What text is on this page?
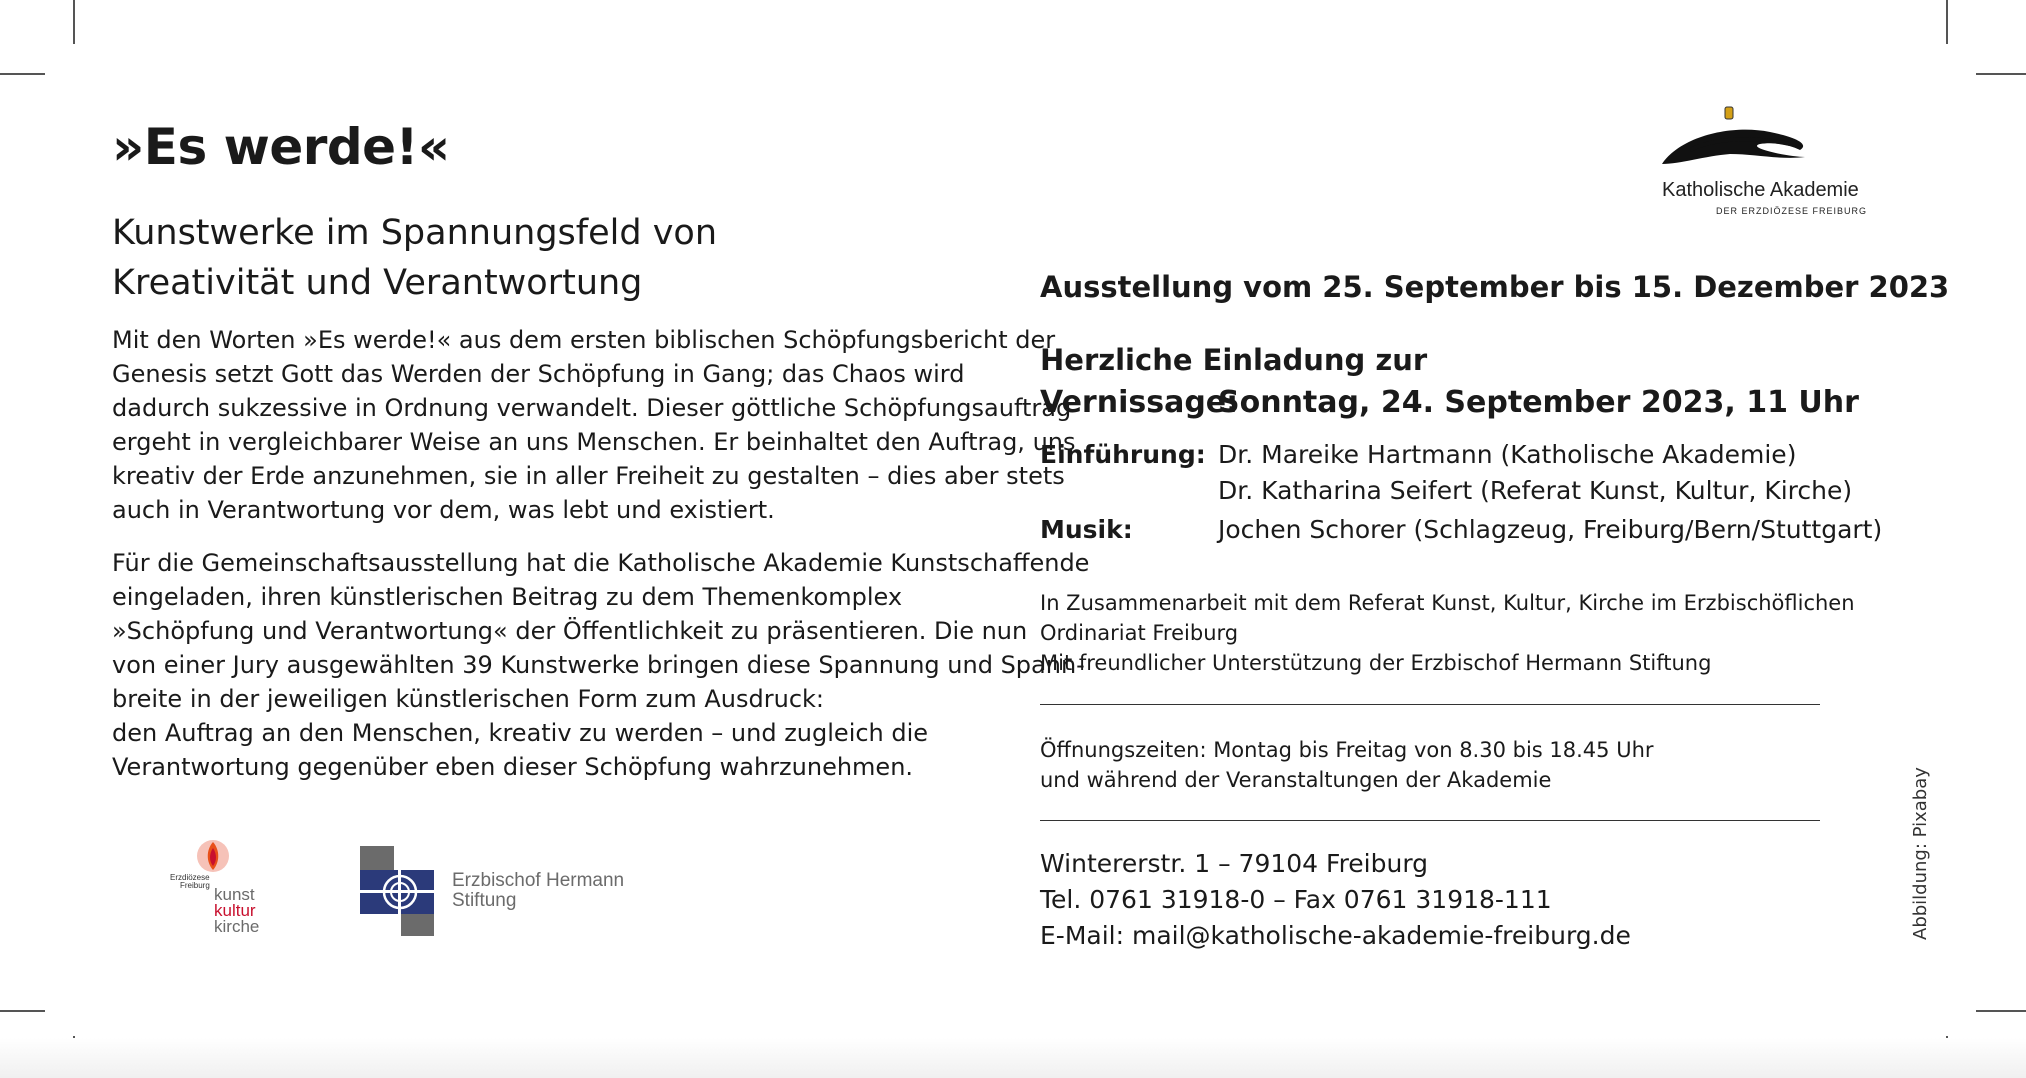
»Es werde!«
Kunstwerke im Spannungsfeld von
Kreativität und Verantwortung

Mit den Worten »Es werde!« aus dem ersten biblischen Schöpfungsbericht der
Genesis setzt Gott das Werden der Schöpfung in Gang; das Chaos wird
dadurch sukzessive in Ordnung verwandelt. Dieser göttliche Schöpfungsauftrag
ergeht in vergleichbarer Weise an uns Menschen. Er beinhaltet den Auftrag, uns
kreativ der Erde anzunehmen, sie in aller Freiheit zu gestalten – dies aber stets
auch in Verantwortung vor dem, was lebt und existiert.

Für die Gemeinschaftsausstellung hat die Katholische Akademie Kunstschaffende
eingeladen, ihren künstlerischen Beitrag zu dem Themenkomplex
»Schöpfung und Verantwortung« der Öffentlichkeit zu präsentieren. Die nun
von einer Jury ausgewählten 39 Kunstwerke bringen diese Spannung und Spann-
breite in der jeweiligen künstlerischen Form zum Ausdruck:
den Auftrag an den Menschen, kreativ zu werden – und zugleich die
Verantwortung gegenüber eben dieser Schöpfung wahrzunehmen.

Erzdiözese
Freiburg kunst
kultur
kirche
Erzbischof Hermann
Stiftung
Katholische Akademie
DER ERZDIÖZESE FREIBURG
Ausstellung vom 25. September bis 15. Dezember 2023
Herzliche Einladung zur
Vernissage:
Sonntag, 24. September 2023, 11 Uhr
Einführung: Dr. Mareike Hartmann (Katholische Akademie)
Dr. Katharina Seifert (Referat Kunst, Kultur, Kirche)
Musik:	Jochen Schorer (Schlagzeug, Freiburg/Bern/Stuttgart)
In Zusammenarbeit mit dem Referat Kunst, Kultur, Kirche im Erzbischöflichen
Ordinariat Freiburg
Mit freundlicher Unterstützung der Erzbischof Hermann Stiftung
Öffnungszeiten: Montag bis Freitag von 8.30 bis 18.45 Uhr
und während der Veranstaltungen der Akademie
Wintererstr. 1 – 79104 Freiburg
Tel. 0761 31918-0 – Fax 0761 31918-111
E-Mail: mail@katholische-akademie-freiburg.de	Abbildung: Pixabay
